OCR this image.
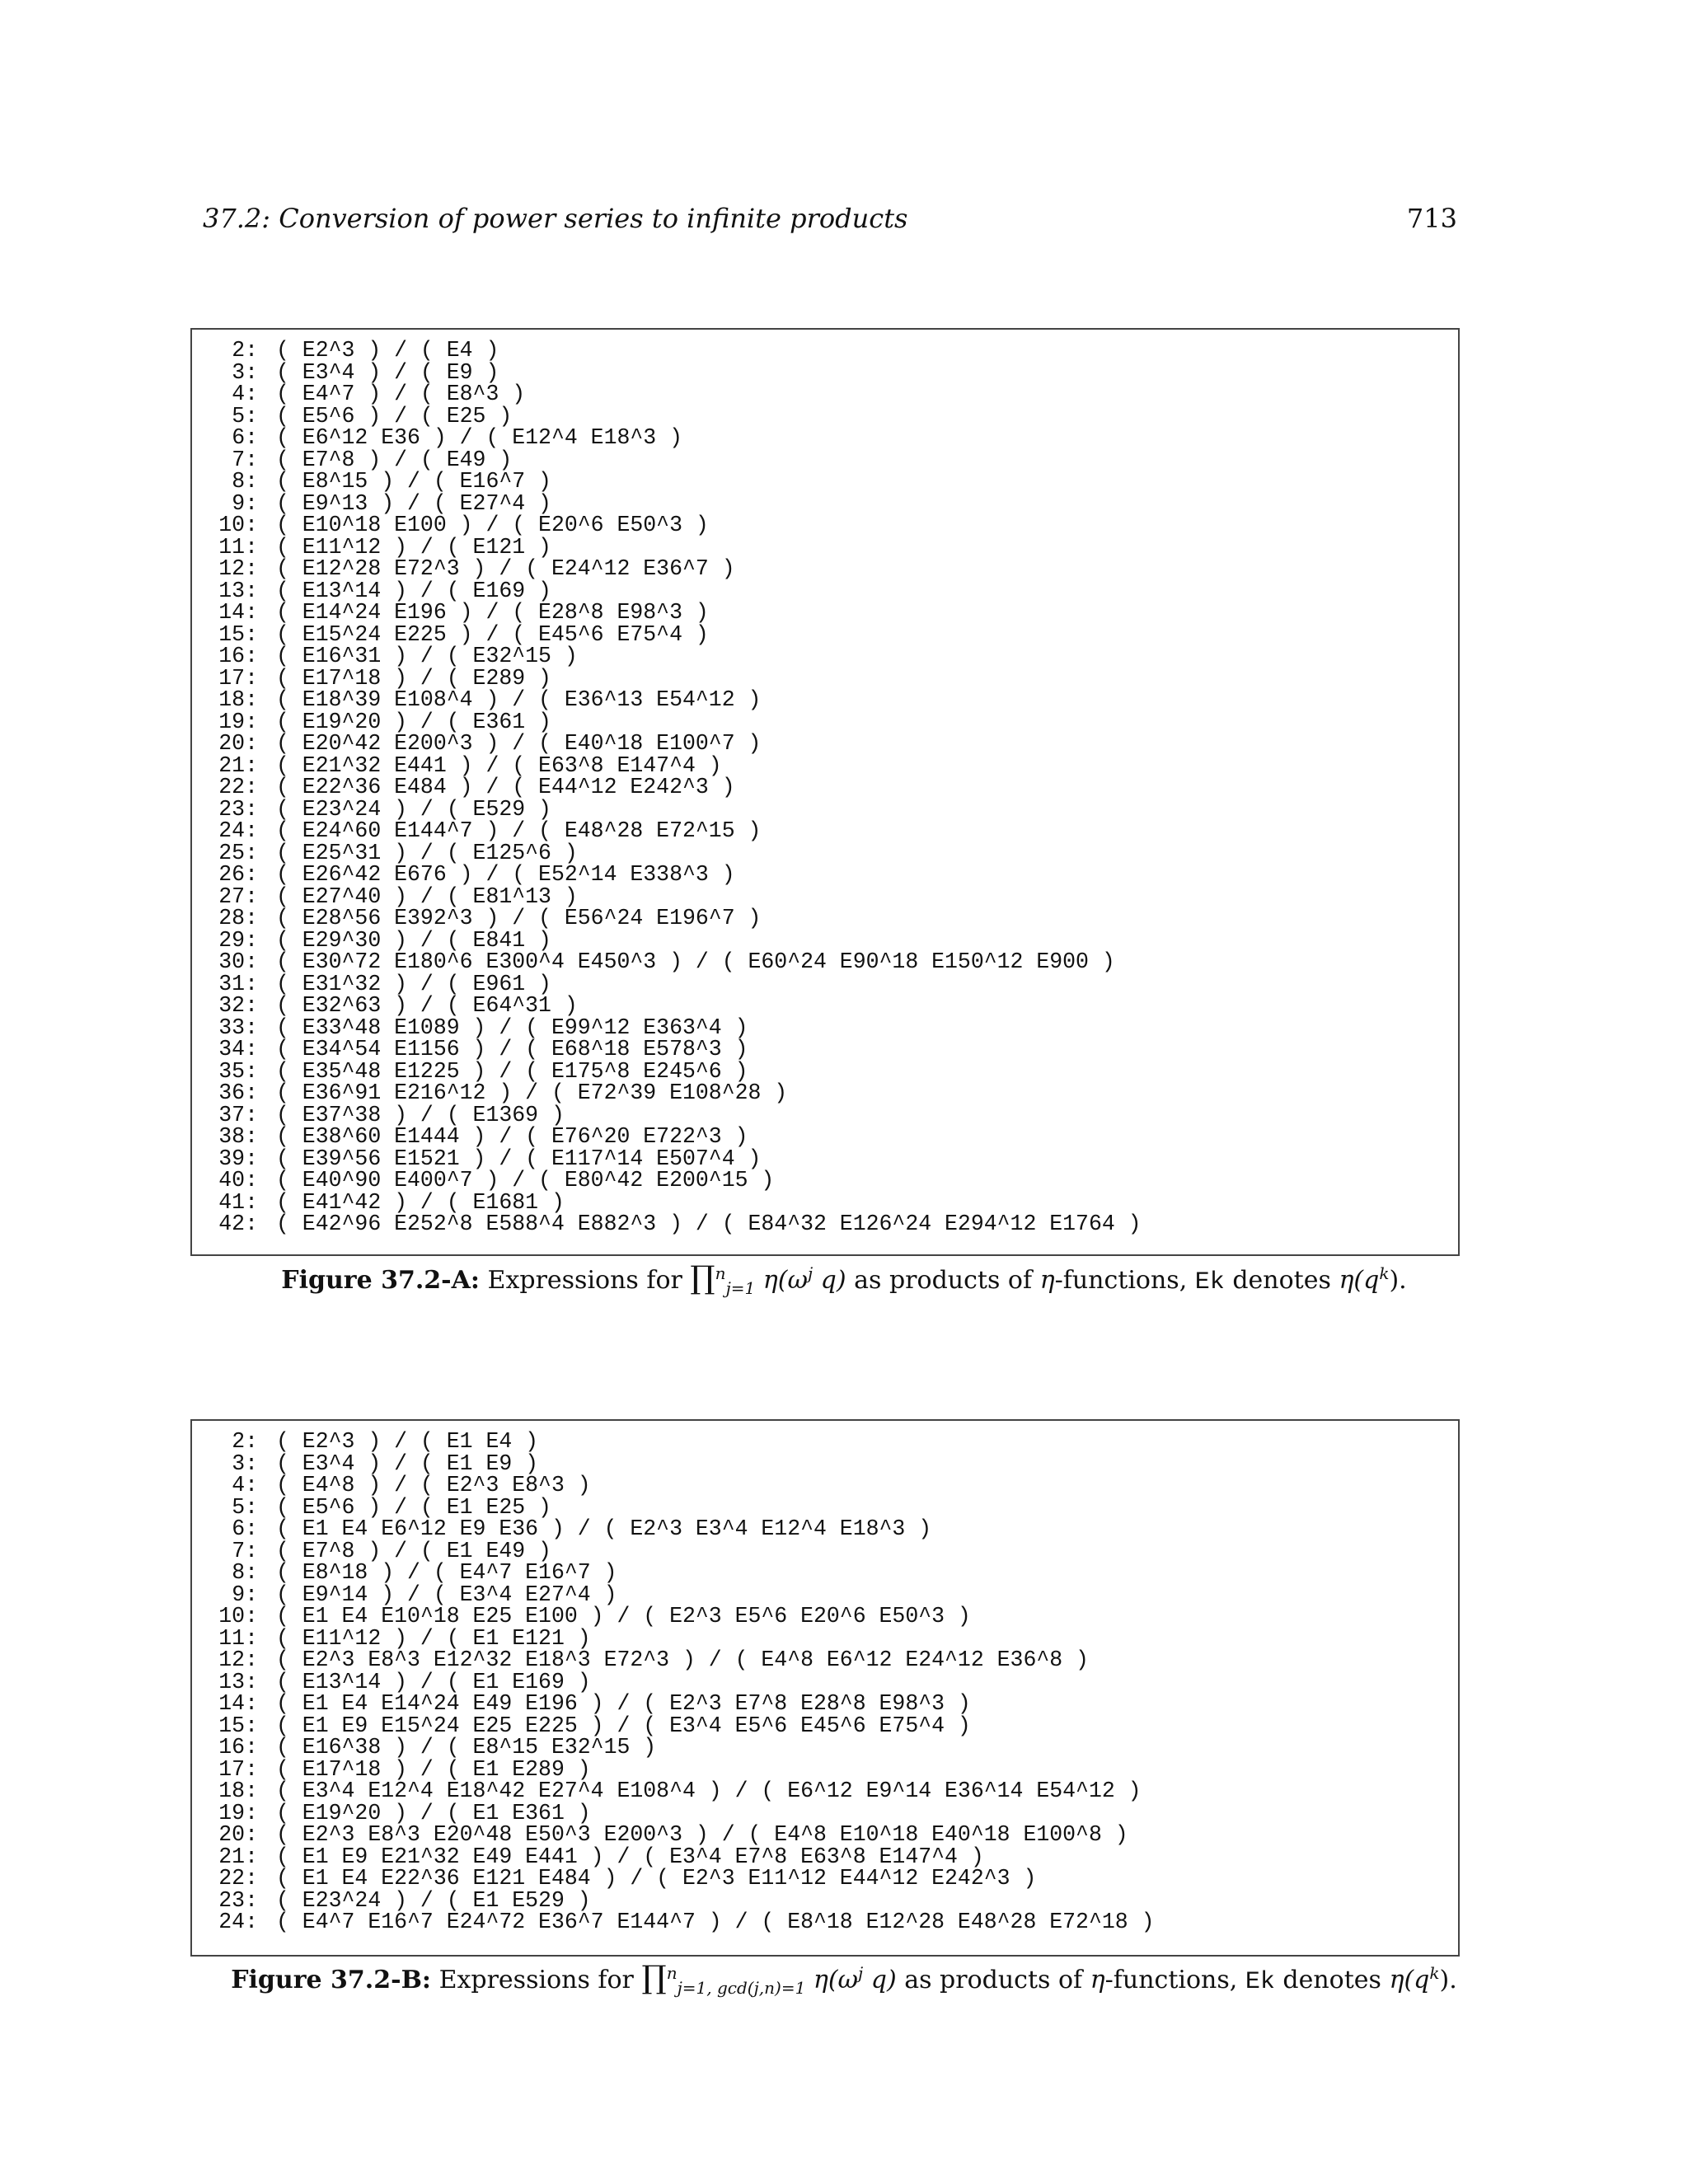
37.2: Conversion of power series to infinite products	713
2: ( E2^3 ) / ( E4 )
3: ( E3^4 ) / ( E9 )
4: ( E4^7 ) / ( E8^3 )
5: ( E5^6 ) / ( E25 )
6: ( E6^12 E36 ) / ( E12^4 E18^3 )
7: ( E7^8 ) / ( E49 )
8: ( E8^15 ) / ( E16^7 )
9: ( E9^13 ) / ( E27^4 )
10: ( E10^18 E100 ) / ( E20^6 E50^3 )
11: ( E11^12 ) / ( E121 )
12: ( E12^28 E72^3 ) / ( E24^12 E36^7 )
13: ( E13^14 ) / ( E169 )
14: ( E14^24 E196 ) / ( E28^8 E98^3 )
15: ( E15^24 E225 ) / ( E45^6 E75^4 )
16: ( E16^31 ) / ( E32^15 )
17: ( E17^18 ) / ( E289 )
18: ( E18^39 E108^4 ) / ( E36^13 E54^12 )
19: ( E19^20 ) / ( E361 )
20: ( E20^42 E200^3 ) / ( E40^18 E100^7 )
21: ( E21^32 E441 ) / ( E63^8 E147^4 )
22: ( E22^36 E484 ) / ( E44^12 E242^3 )
23: ( E23^24 ) / ( E529 )
24: ( E24^60 E144^7 ) / ( E48^28 E72^15 )
25: ( E25^31 ) / ( E125^6 )
26: ( E26^42 E676 ) / ( E52^14 E338^3 )
27: ( E27^40 ) / ( E81^13 )
28: ( E28^56 E392^3 ) / ( E56^24 E196^7 )
29: ( E29^30 ) / ( E841 )
30: ( E30^72 E180^6 E300^4 E450^3 ) / ( E60^24 E90^18 E150^12 E900 )
31: ( E31^32 ) / ( E961 )
32: ( E32^63 ) / ( E64^31 )
33: ( E33^48 E1089 ) / ( E99^12 E363^4 )
34: ( E34^54 E1156 ) / ( E68^18 E578^3 )
35: ( E35^48 E1225 ) / ( E175^8 E245^6 )
36: ( E36^91 E216^12 ) / ( E72^39 E108^28 )
37: ( E37^38 ) / ( E1369 )
38: ( E38^60 E1444 ) / ( E76^20 E722^3 )
39: ( E39^56 E1521 ) / ( E117^14 E507^4 )
40: ( E40^90 E400^7 ) / ( E80^42 E200^15 )
41: ( E41^42 ) / ( E1681 )
42: ( E42^96 E252^8 E588^4 E882^3 ) / ( E84^32 E126^24 E294^12 E1764 )
Figure 37.2-A: Expressions for ∏$^n_{j=1}$ $\eta(\omega^j$ q) as products of η-functions, Ek denotes $\eta(q^k)$.
2: ( E2^3 ) / ( E1 E4 )
3: ( E3^4 ) / ( E1 E9 )
4: ( E4^8 ) / ( E2^3 E8^3 )
5: ( E5^6 ) / ( E1 E25 )
6: ( E1 E4 E6^12 E9 E36 ) / ( E2^3 E3^4 E12^4 E18^3 )
7: ( E7^8 ) / ( E1 E49 )
8: ( E8^18 ) / ( E4^7 E16^7 )
9: ( E9^14 ) / ( E3^4 E27^4 )
10: ( E1 E4 E10^18 E25 E100 ) / ( E2^3 E5^6 E20^6 E50^3 )
11: ( E11^12 ) / ( E1 E121 )
12: ( E2^3 E8^3 E12^32 E18^3 E72^3 ) / ( E4^8 E6^12 E24^12 E36^8 )
13: ( E13^14 ) / ( E1 E169 )
14: ( E1 E4 E14^24 E49 E196 ) / ( E2^3 E7^8 E28^8 E98^3 )
15: ( E1 E9 E15^24 E25 E225 ) / ( E3^4 E5^6 E45^6 E75^4 )
16: ( E16^38 ) / ( E8^15 E32^15 )
17: ( E17^18 ) / ( E1 E289 )
18: ( E3^4 E12^4 E18^42 E27^4 E108^4 ) / ( E6^12 E9^14 E36^14 E54^12 )
19: ( E19^20 ) / ( E1 E361 )
20: ( E2^3 E8^3 E20^48 E50^3 E200^3 ) / ( E4^8 E10^18 E40^18 E100^8 )
21: ( E1 E9 E21^32 E49 E441 ) / ( E3^4 E7^8 E63^8 E147^4 )
22: ( E1 E4 E22^36 E121 E484 ) / ( E2^3 E11^12 E44^12 E242^3 )
23: ( E23^24 ) / ( E1 E529 )
24: ( E4^7 E16^7 E24^72 E36^7 E144^7 ) / ( E8^18 E12^28 E48^28 E72^18 )
Figure 37.2-B: Expressions for ∏$^n_{j=1, gcd(j,n)=1}$ $\eta(\omega^j$ q) as products of η-functions, Ek denotes $\eta(q^k)$.
